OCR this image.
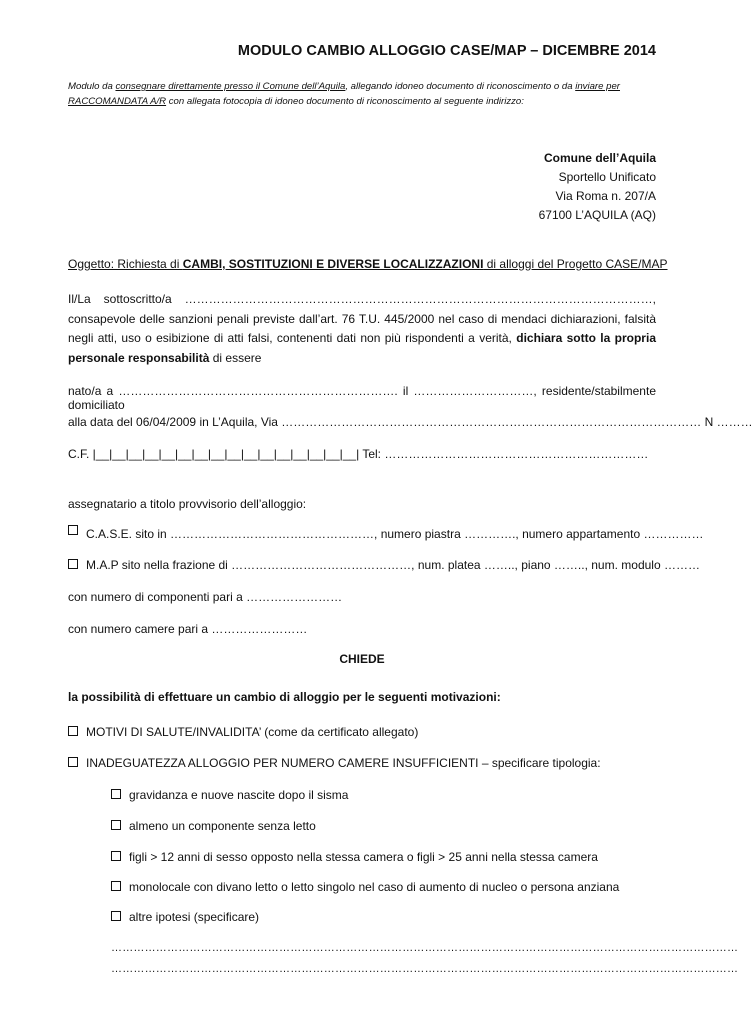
MODULO CAMBIO ALLOGGIO CASE/MAP – DICEMBRE 2014
Modulo da consegnare direttamente presso il Comune dell’Aquila, allegando idoneo documento di riconoscimento o da inviare per
RACCOMANDATA A/R con allegata fotocopia di idoneo documento di riconoscimento al seguente indirizzo:
Comune dell’Aquila
Sportello Unificato
Via Roma n. 207/A
67100 L’AQUILA (AQ)
Oggetto: Richiesta di CAMBI, SOSTITUZIONI E DIVERSE LOCALIZZAZIONI di alloggi del Progetto CASE/MAP
Il/La sottoscritto/a ………………………………………………………………………………………………………, consapevole delle sanzioni penali previste dall’art. 76 T.U. 445/2000 nel caso di mendaci dichiarazioni, falsità negli atti, uso o esibizione di atti falsi, contenenti dati non più rispondenti a verità, dichiara sotto la propria personale responsabilità di essere
nato/a a ……………………………………………………………. il …………………………, residente/stabilmente domiciliato
alla data del 06/04/2009 in L’Aquila, Via …………………………………………………………………………………………… N ………
C.F. |__|__|__|__|__|__|__|__|__|__|__|__|__|__|__|__| Tel: …………………………………………………………
assegnatario a titolo provvisorio dell’alloggio:
C.A.S.E. sito in ……………………………………………, numero piastra …………., numero appartamento ……………
M.A.P sito nella frazione di ………………………………………, num. platea …….., piano …….., num. modulo ………
con numero di componenti pari a ……………………
con numero camere pari a ……………………
CHIEDE
la possibilità di effettuare un cambio di alloggio per le seguenti motivazioni:
MOTIVI DI SALUTE/INVALIDITA’ (come da certificato allegato)
INADEGUATEZZA ALLOGGIO PER NUMERO CAMERE INSUFFICIENTI – specificare tipologia:
gravidanza e nuove nascite dopo il sisma
almeno un componente senza letto
figli > 12 anni di sesso opposto nella stessa camera o figli > 25 anni nella stessa camera
monolocale con divano letto o letto singolo nel caso di aumento di nucleo o persona anziana
altre ipotesi (specificare)
……………………………………………………………………………………………………………………………………………………
……………………………………………………………………………………………………………………………………………………
